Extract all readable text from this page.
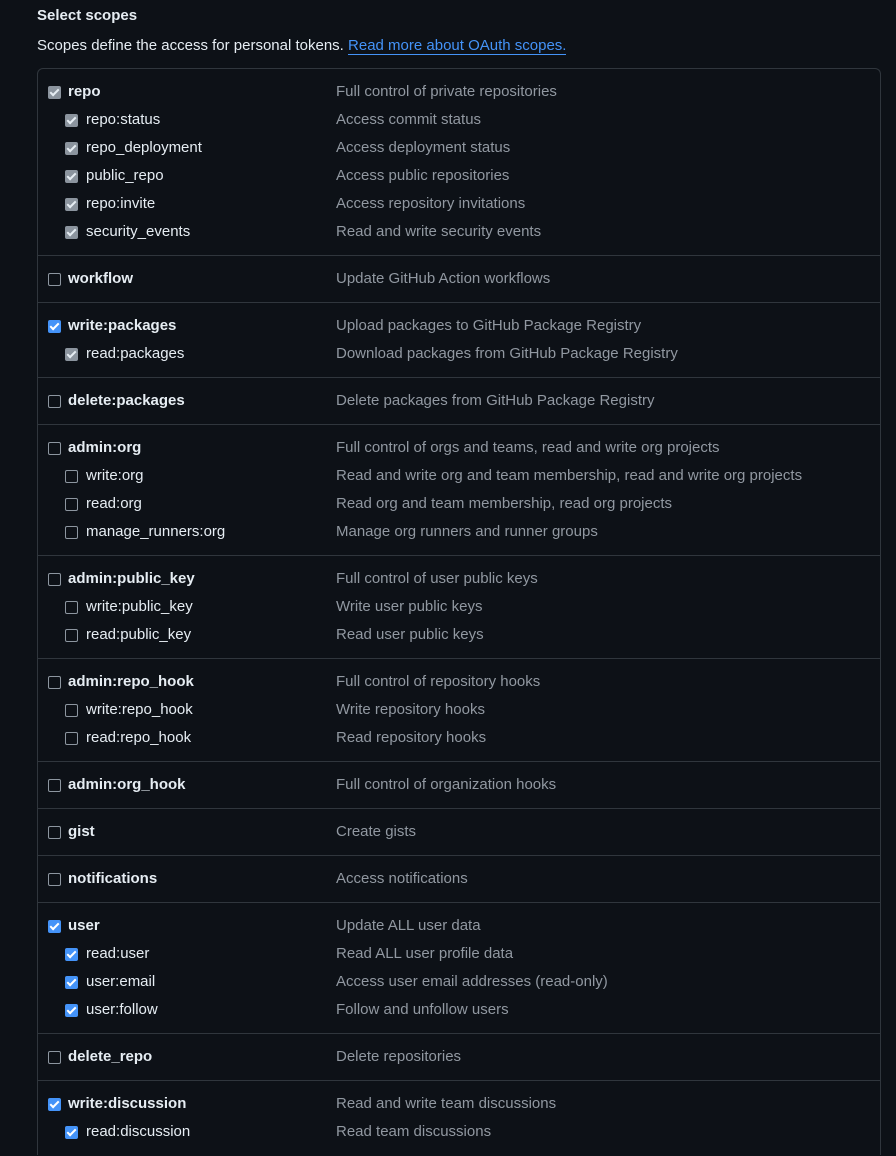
Select scopes

Scopes define the access for personal tokens. Read more about OAuth scopes.

repo	Full control of private repositories
repo:status	Access commit status
repo_deployment	Access deployment status
public_repo	Access public repositories
repo:invite	Access repository invitations
security_events	Read and write security events
workflow	Update GitHub Action workflows
write:packages	Upload packages to GitHub Package Registry
read:packages	Download packages from GitHub Package Registry
delete:packages	Delete packages from GitHub Package Registry
admin:org	Full control of orgs and teams, read and write org projects
write:org	Read and write org and team membership, read and write org projects
read:org	Read org and team membership, read org projects
manage_runners:org	Manage org runners and runner groups
admin:public_key	Full control of user public keys
write:public_key	Write user public keys
read:public_key	Read user public keys
admin:repo_hook	Full control of repository hooks
write:repo_hook	Write repository hooks
read:repo_hook	Read repository hooks
admin:org_hook	Full control of organization hooks
gist	Create gists
notifications	Access notifications
user	Update ALL user data
read:user	Read ALL user profile data
user:email	Access user email addresses (read-only)
user:follow	Follow and unfollow users
delete_repo	Delete repositories
write:discussion	Read and write team discussions
read:discussion	Read team discussions
